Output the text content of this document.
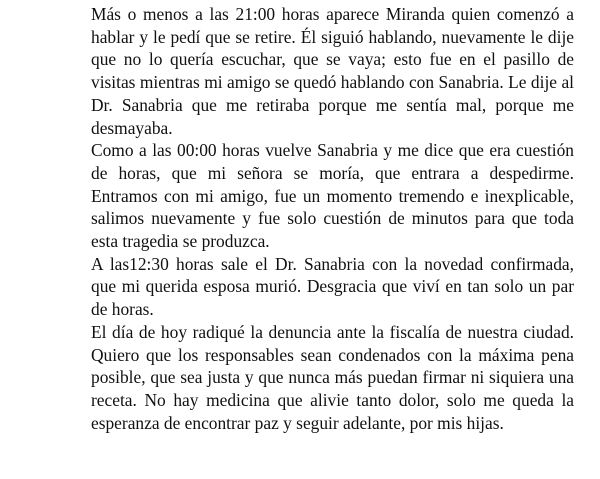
Más o menos a las 21:00 horas aparece Miranda quien comenzó a hablar y le pedí que se retire. Él siguió hablando, nuevamente le dije que no lo quería escuchar, que se vaya; esto fue en el pasillo de visitas mientras mi amigo se quedó hablando con Sanabria. Le dije al Dr. Sanabria que me retiraba porque me sentía mal, porque me desmayaba.

Como a las 00:00 horas vuelve Sanabria y me dice que era cuestión de horas, que mi señora se moría, que entrara a despedirme. Entramos con mi amigo, fue un momento tremendo e inexplicable, salimos nuevamente y fue solo cuestión de minutos para que toda esta tragedia se produzca.

A las12:30 horas sale el Dr. Sanabria con la novedad confirmada, que mi querida esposa murió. Desgracia que viví en tan solo un par de horas.

El día de hoy radiqué la denuncia ante la fiscalía de nuestra ciudad. Quiero que los responsables sean condenados con la máxima pena posible, que sea justa y que nunca más puedan firmar ni siquiera una receta. No hay medicina que alivie tanto dolor, solo me queda la esperanza de encontrar paz y seguir adelante, por mis hijas.
